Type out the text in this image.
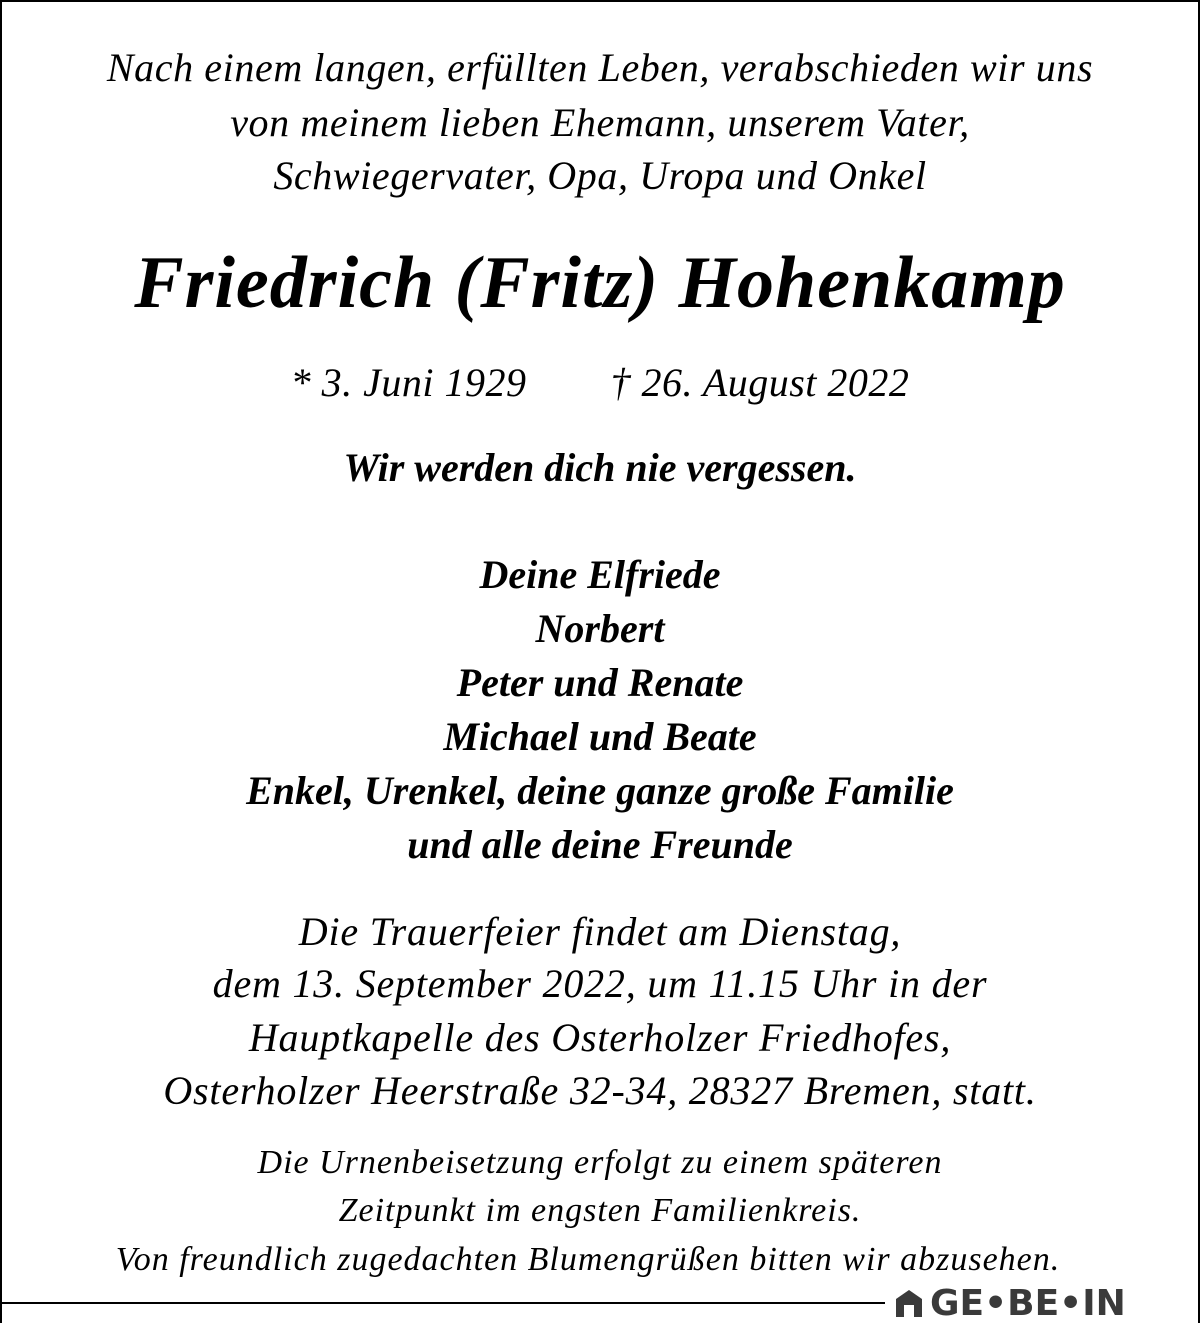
Nach einem langen, erfüllten Leben, verabschieden wir uns
von meinem lieben Ehemann, unserem Vater,
Schwiegervater, Opa, Uropa und Onkel
Friedrich (Fritz) Hohenkamp
* 3. Juni 1929 † 26. August 2022
Wir werden dich nie vergessen.
Deine Elfriede
Norbert
Peter und Renate
Michael und Beate
Enkel, Urenkel, deine ganze große Familie
und alle deine Freunde
Die Trauerfeier findet am Dienstag,
dem 13. September 2022, um 11.15 Uhr in der
Hauptkapelle des Osterholzer Friedhofes,
Osterholzer Heerstraße 32-34, 28327 Bremen, statt.
Die Urnenbeisetzung erfolgt zu einem späteren
Zeitpunkt im engsten Familienkreis.
Von freundlich zugedachten Blumengrüßen bitten wir abzusehen.
GE•BE•IN
